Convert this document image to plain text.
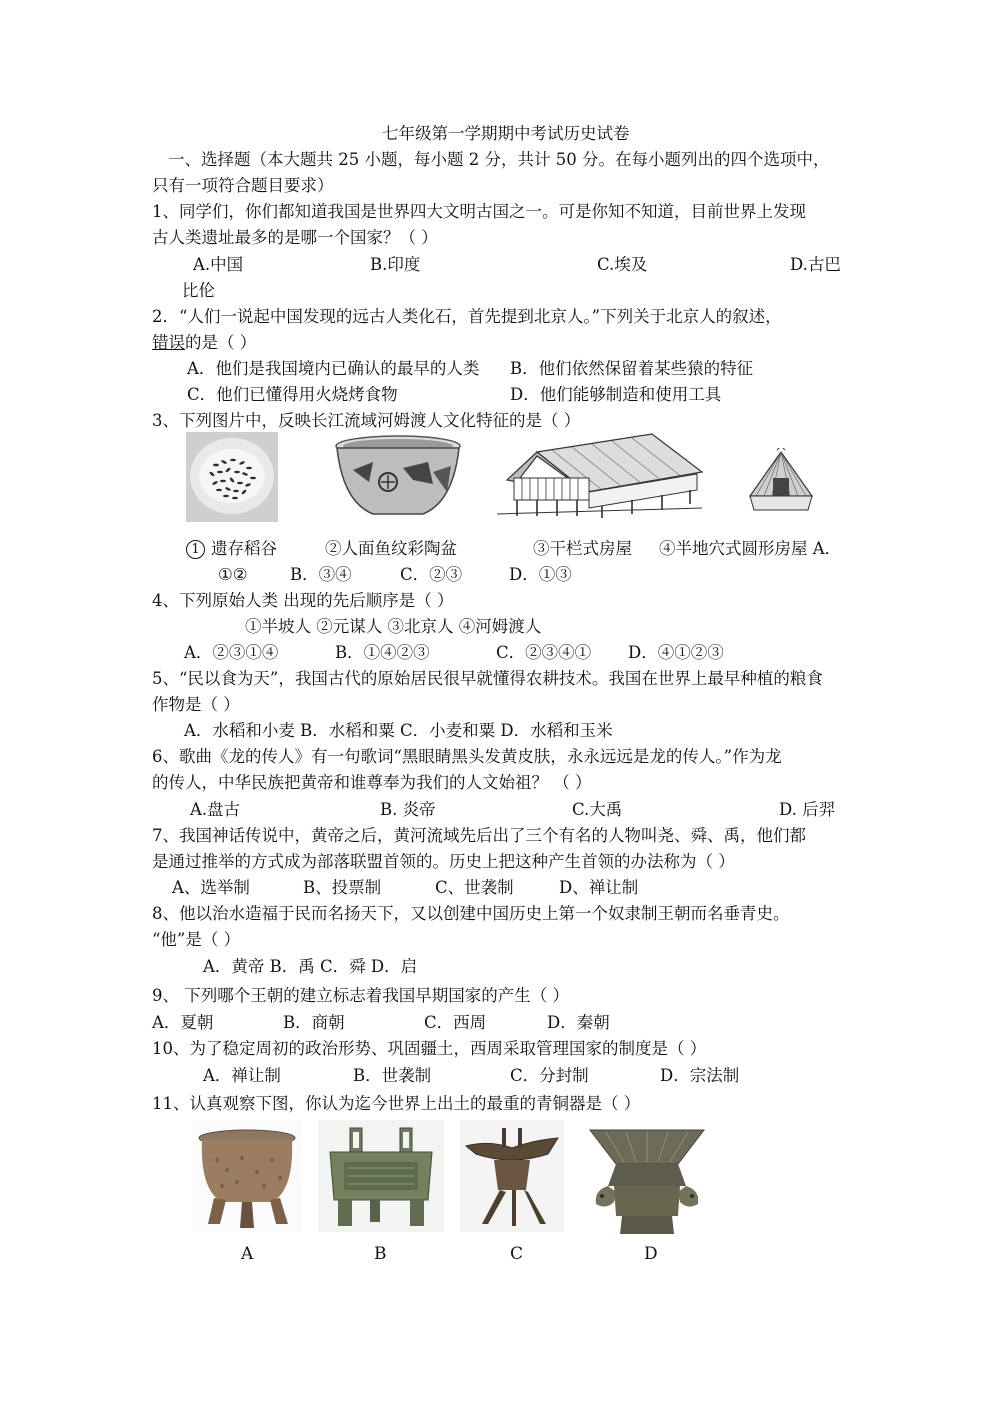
七年级第一学期期中考试历史试卷
一、选择题（本大题共 25 小题，每小题 2 分，共计 50 分。在每小题列出的四个选项中，
只有一项符合题目要求）
1、同学们，你们都知道我国是世界四大文明古国之一。可是你知不知道，目前世界上发现
古人类遗址最多的是哪一个国家？（ ）
A.中国	B.印度	C.埃及	D.古巴
比伦
2．“人们一说起中国发现的远古人类化石，首先提到北京人。”下列关于北京人的叙述，
错误的是（ ）
A．他们是我国境内已确认的最早的人类 B．他们依然保留着某些猿的特征
C．他们已懂得用火烧烤食物	D．他们能够制造和使用工具
3、下列图片中，反映长江流域河姆渡人文化特征的是（ ）
1 遗存稻谷	②人面鱼纹彩陶盆	③干栏式房屋 ④半地穴式圆形房屋 A．
①②	B．③④	C．②③	D．①③
4、下列原始人类 出现的先后顺序是（ ）
①半坡人 ②元谋人 ③北京人 ④河姆渡人
A．②③①④	B．①④②③	C．②③④① D．④①②③
5、“民以食为天”，我国古代的原始居民很早就懂得农耕技术。我国在世界上最早种植的粮食
作物是（ ）
A．水稻和小麦 B．水稻和粟 C．小麦和粟 D．水稻和玉米
6、歌曲《龙的传人》有一句歌词“黑眼睛黑头发黄皮肤，永永远远是龙的传人。”作为龙
的传人，中华民族把黄帝和谁尊奉为我们的人文始祖？ （ ）
A.盘古	B. 炎帝	C.大禹	D. 后羿
7、我国神话传说中，黄帝之后，黄河流域先后出了三个有名的人物叫尧、舜、禹，他们都
是通过推举的方式成为部落联盟首领的。历史上把这种产生首领的办法称为（ ）
A、选举制	B、投票制	C、世袭制	D、禅让制
8、他以治水造福于民而名扬天下，又以创建中国历史上第一个奴隶制王朝而名垂青史。
“他”是（ ）
A．黄帝 B．禹 C．舜 D．启
9、 下列哪个王朝的建立标志着我国早期国家的产生（ ）
A．夏朝	B．商朝	C．西周	D．秦朝
10、为了稳定周初的政治形势、巩固疆土，西周采取管理国家的制度是（ ）
A．禅让制	B．世袭制	C．分封制	D．宗法制
11、认真观察下图，你认为迄今世界上出土的最重的青铜器是（ ）
A	B	C	D
